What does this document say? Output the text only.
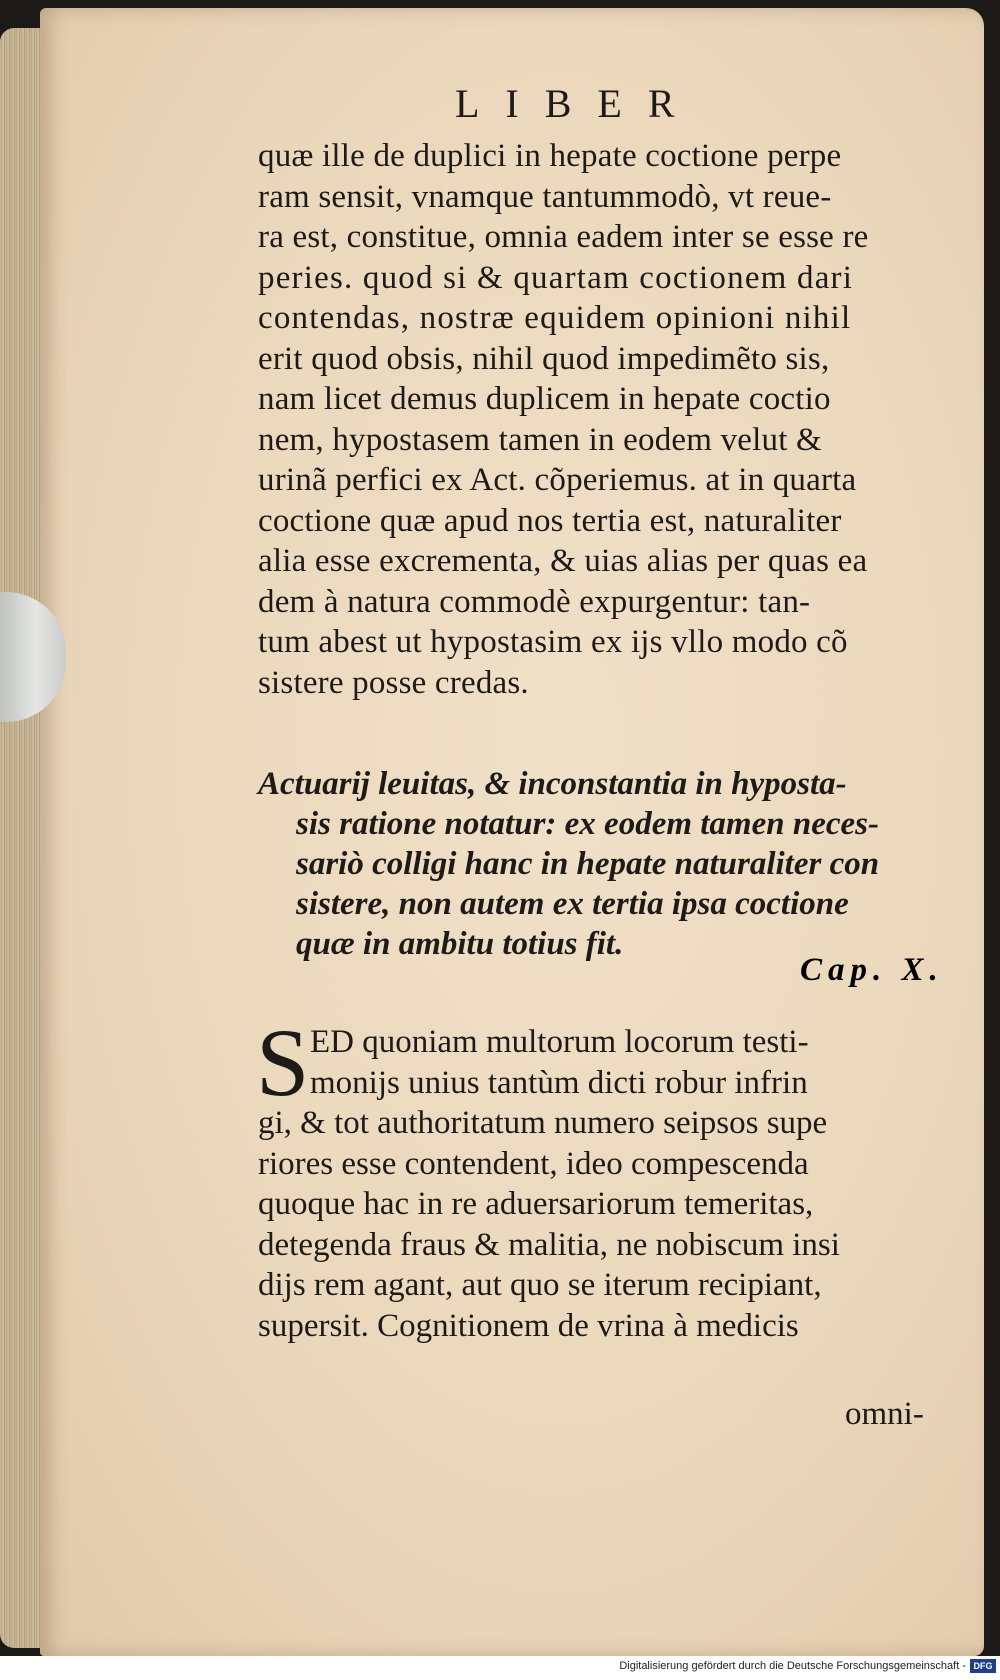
LIBER
quæ ille de duplici in hepate coctione perpe
ram sensit, vnamque tantummodò, vt reue-
ra est, constitue, omnia eadem inter se esse re
peries. quod si & quartam coctionem dari
contendas, nostræ equidem opinioni nihil
erit quod obsis, nihil quod impedimẽto sis,
nam licet demus duplicem in hepate coctio
nem, hypostasem tamen in eodem velut &
urinã perfici ex Act. cõperiemus. at in quarta
coctione quæ apud nos tertia est, naturaliter
alia esse excrementa, & uias alias per quas ea
dem à natura commodè expurgentur: tan-
tum abest ut hypostasim ex ijs vllo modo cõ
sistere posse credas.
Actuarij leuitas, & inconstantia in hyposta-
sis ratione notatur: ex eodem tamen neces-
sariò colligi hanc in hepate naturaliter con
sistere, non autem ex tertia ipsa coctione
quæ in ambitu totius fit.
Cap. X.
S ED quoniam multorum locorum testi-
monijs unius tantùm dicti robur infrin
gi, & tot authoritatum numero seipsos supe
riores esse contendent, ideo compescenda
quoque hac in re aduersariorum temeritas,
detegenda fraus & malitia, ne nobiscum insi
dijs rem agant, aut quo se iterum recipiant,
supersit. Cognitionem de vrina à medicis
omni-
Digitalisierung gefördert durch die Deutsche Forschungsgemeinschaft - DFG
